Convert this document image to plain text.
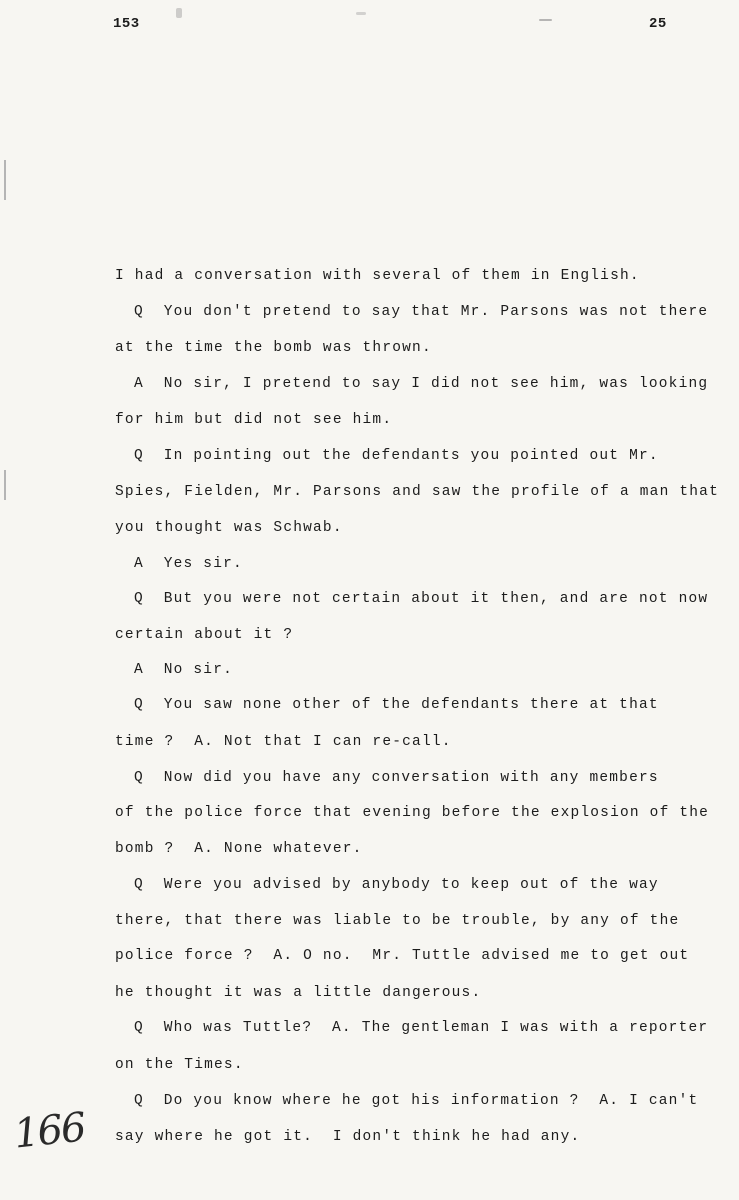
153	25
I had a conversation with several of them in English.
Q  You don't pretend to say that Mr. Parsons was not there
at the time the bomb was thrown.
A  No sir, I pretend to say I did not see him, was looking
for him but did not see him.
Q  In pointing out the defendants you pointed out Mr.
Spies, Fielden, Mr. Parsons and saw the profile of a man that
you thought was Schwab.
A  Yes sir.
Q  But you were not certain about it then, and are not now
certain about it ?
A  No sir.
Q  You saw none other of the defendants there at that
time ?  A. Not that I can re-call.
Q  Now did you have any conversation with any members
of the police force that evening before the explosion of the
bomb ?  A. None whatever.
Q  Were you advised by anybody to keep out of the way
there, that there was liable to be trouble, by any of the
police force ?  A. O no.  Mr. Tuttle advised me to get out
he thought it was a little dangerous.
Q  Who was Tuttle?  A. The gentleman I was with a reporter
on the Times.
Q  Do you know where he got his information ?  A. I can't
say where he got it.  I don't think he had any.
166
